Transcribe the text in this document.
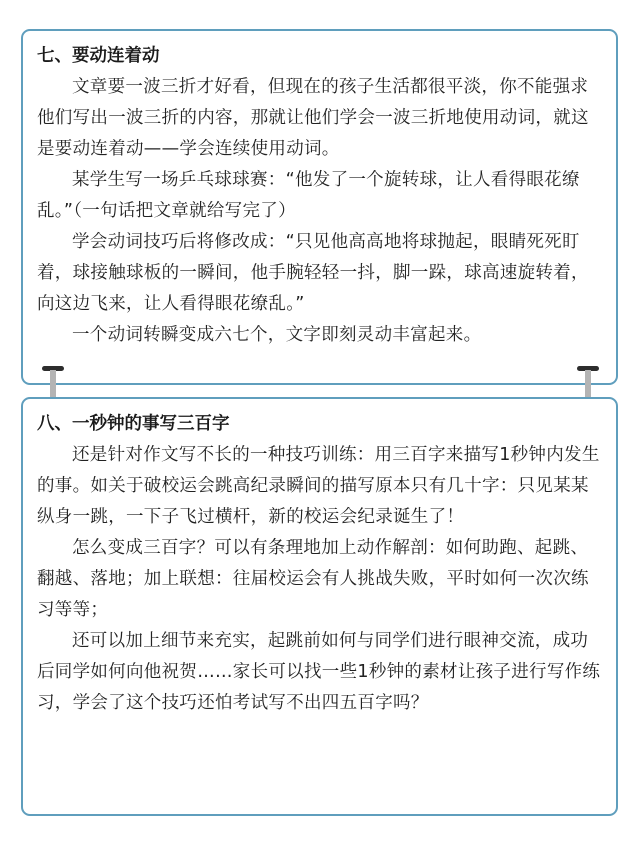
七、要动连着动

文章要一波三折才好看，但现在的孩子生活都很平淡，你不能强求他们写出一波三折的内容，那就让他们学会一波三折地使用动词，就这是要动连着动——学会连续使用动词。

某学生写一场乒乓球球赛：“他发了一个旋转球，让人看得眼花缭乱。”（一句话把文章就给写完了）

学会动词技巧后将修改成：“只见他高高地将球抛起，眼睛死死盯着，球接触球板的一瞬间，他手腕轻轻一抖，脚一跺，球高速旋转着，向这边飞来，让人看得眼花缭乱。”

一个动词转瞬变成六七个，文字即刻灵动丰富起来。

八、一秒钟的事写三百字

还是针对作文写不长的一种技巧训练：用三百字来描写1秒钟内发生的事。如关于破校运会跳高纪录瞬间的描写原本只有几十字：只见某某纵身一跳，一下子飞过横杆，新的校运会纪录诞生了！

怎么变成三百字？可以有条理地加上动作解剖：如何助跑、起跳、翻越、落地；加上联想：往届校运会有人挑战失败，平时如何一次次练习等等；

还可以加上细节来充实，起跳前如何与同学们进行眼神交流，成功后同学如何向他祝贺……家长可以找一些1秒钟的素材让孩子进行写作练习，学会了这个技巧还怕考试写不出四五百字吗？
